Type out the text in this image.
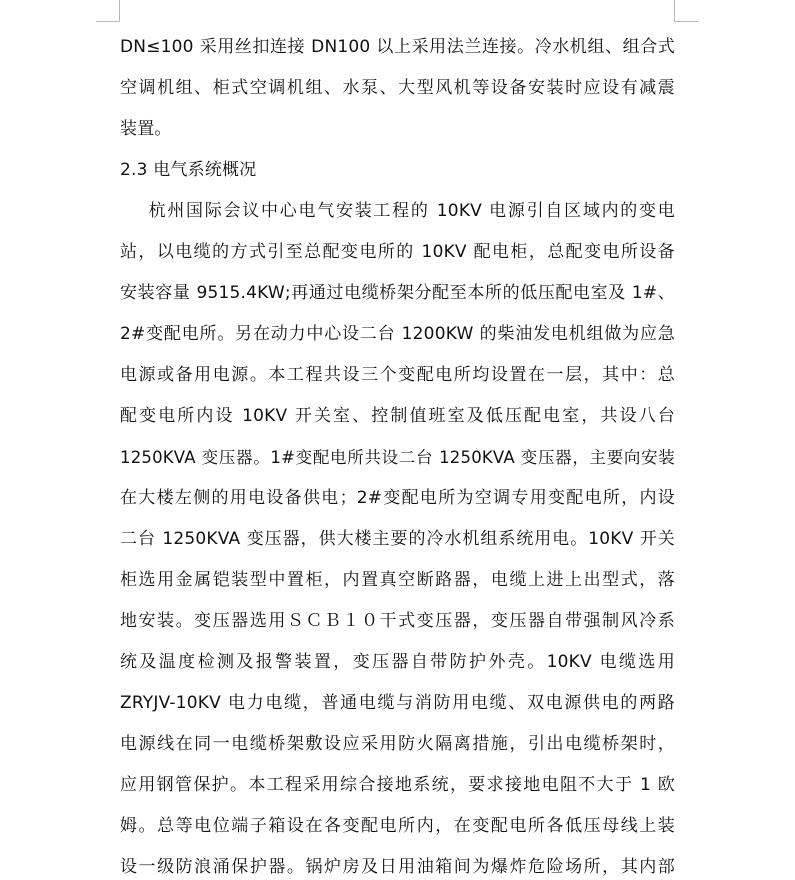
DN≤100 采用丝扣连接 DN100 以上采用法兰连接。冷水机组、组合式
空调机组、柜式空调机组、水泵、大型风机等设备安装时应设有减震
装置。
2.3 电气系统概况
杭州国际会议中心电气安装工程的 10KV 电源引自区域内的变电
站，以电缆的方式引至总配变电所的 10KV 配电柜，总配变电所设备
安装容量 9515.4KW;再通过电缆桥架分配至本所的低压配电室及 1#、
2#变配电所。另在动力中心设二台 1200KW 的柴油发电机组做为应急
电源或备用电源。本工程共设三个变配电所均设置在一层，其中：总
配变电所内设 10KV 开关室、控制值班室及低压配电室，共设八台
1250KVA 变压器。1#变配电所共设二台 1250KVA 变压器，主要向安装
在大楼左侧的用电设备供电；2#变配电所为空调专用变配电所，内设
二台 1250KVA 变压器，供大楼主要的冷水机组系统用电。10KV 开关
柜选用金属铠装型中置柜，内置真空断路器，电缆上进上出型式，落
地安装。变压器选用ＳＣＢ１０干式变压器，变压器自带强制风冷系
统及温度检测及报警装置，变压器自带防护外壳。10KV 电缆选用
ZRYJV-10KV 电力电缆，普通电缆与消防用电缆、双电源供电的两路
电源线在同一电缆桥架敷设应采用防火隔离措施，引出电缆桥架时，
应用钢管保护。本工程采用综合接地系统，要求接地电阻不大于 1 欧
姆。总等电位端子箱设在各变配电所内，在变配电所各低压母线上装
设一级防浪涌保护器。锅炉房及日用油箱间为爆炸危险场所，其内部
